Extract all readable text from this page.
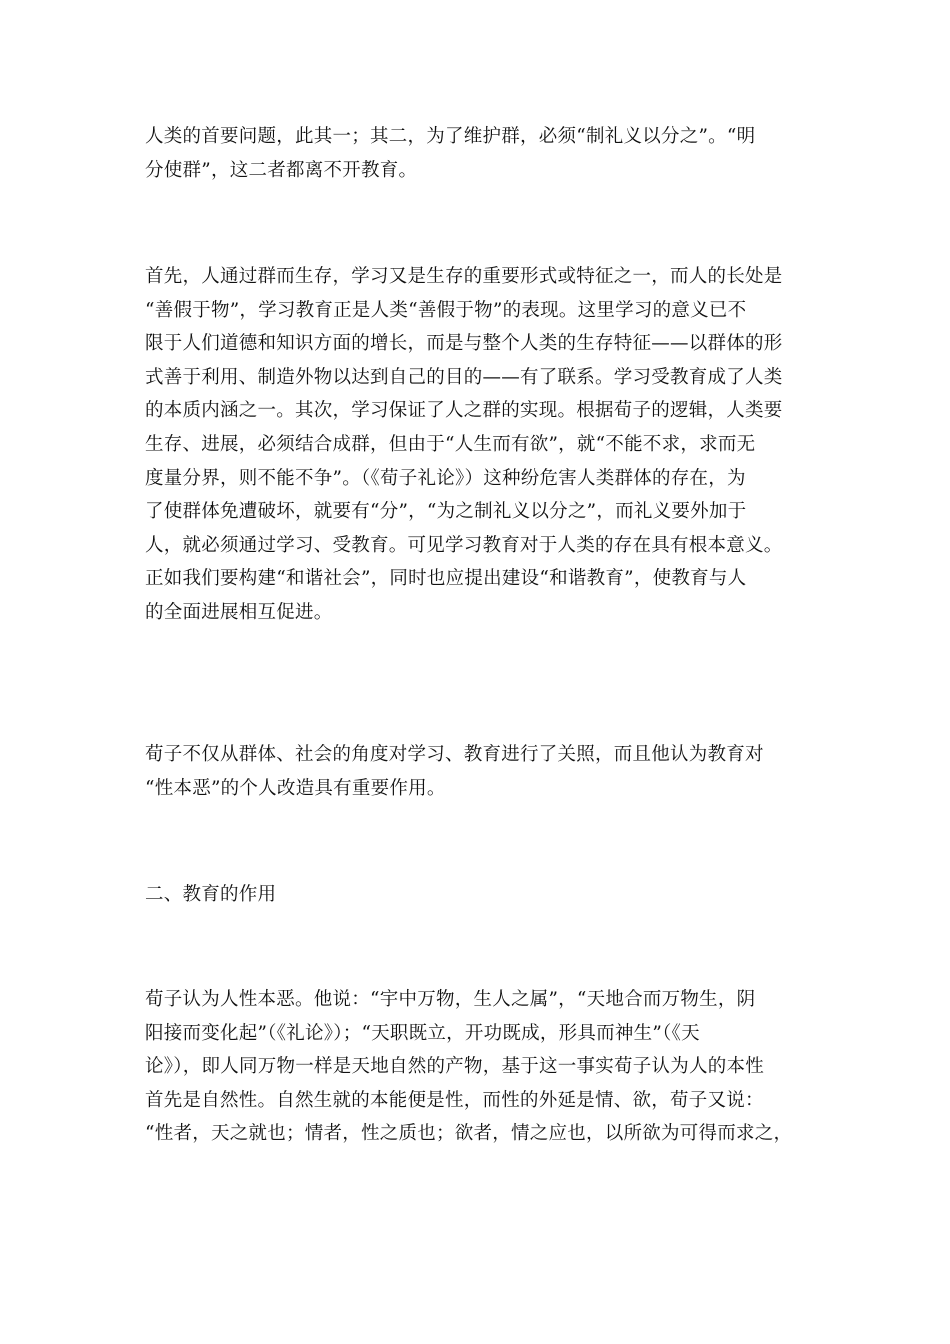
人类的首要问题，此其一；其二，为了维护群，必须“制礼义以分之”。“明
分使群”，这二者都离不开教育。
首先，人通过群而生存，学习又是生存的重要形式或特征之一，而人的长处是
“善假于物”，学习教育正是人类“善假于物”的表现。这里学习的意义已不
限于人们道德和知识方面的增长，而是与整个人类的生存特征——以群体的形
式善于利用、制造外物以达到自己的目的——有了联系。学习受教育成了人类
的本质内涵之一。其次，学习保证了人之群的实现。根据荀子的逻辑，人类要
生存、进展，必须结合成群，但由于“人生而有欲”，就“不能不求，求而无
度量分界，则不能不争”。（《荀子礼论》）这种纷危害人类群体的存在，为
了使群体免遭破坏，就要有“分”，“为之制礼义以分之”，而礼义要外加于
人，就必须通过学习、受教育。可见学习教育对于人类的存在具有根本意义。
正如我们要构建“和谐社会”，同时也应提出建设“和谐教育”，使教育与人
的全面进展相互促进。
荀子不仅从群体、社会的角度对学习、教育进行了关照，而且他认为教育对
“性本恶”的个人改造具有重要作用。
二、教育的作用
荀子认为人性本恶。他说：“宇中万物，生人之属”，“天地合而万物生，阴
阳接而变化起”（《礼论》）；“天职既立，开功既成，形具而神生”（《天
论》），即人同万物一样是天地自然的产物，基于这一事实荀子认为人的本性
首先是自然性。自然生就的本能便是性，而性的外延是情、欲，荀子又说：
“性者，天之就也；情者，性之质也；欲者，情之应也，以所欲为可得而求之，
